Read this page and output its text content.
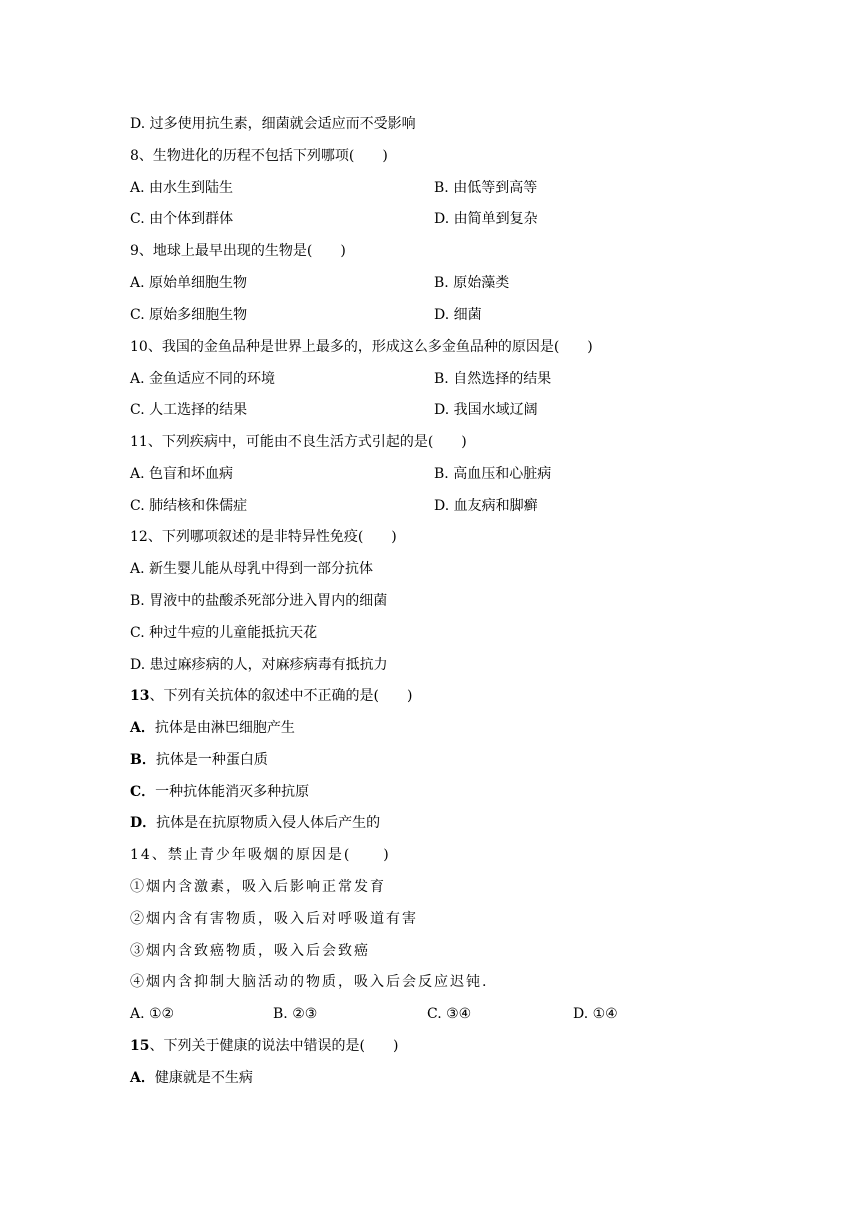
D. 过多使用抗生素，细菌就会适应而不受影响
8、生物进化的历程不包括下列哪项(　　)
A. 由水生到陆生	B. 由低等到高等
C. 由个体到群体	D. 由简单到复杂
9、地球上最早出现的生物是(　　)
A. 原始单细胞生物	B. 原始藻类
C. 原始多细胞生物	D. 细菌
10、我国的金鱼品种是世界上最多的，形成这么多金鱼品种的原因是(　　)
A. 金鱼适应不同的环境	B. 自然选择的结果
C. 人工选择的结果	D. 我国水域辽阔
11、下列疾病中，可能由不良生活方式引起的是(　　)
A. 色盲和坏血病	B. 高血压和心脏病
C. 肺结核和侏儒症	D. 血友病和脚癣
12、下列哪项叙述的是非特异性免疫(　　)
A. 新生婴儿能从母乳中得到一部分抗体
B. 胃液中的盐酸杀死部分进入胃内的细菌
C. 种过牛痘的儿童能抵抗天花
D. 患过麻疹病的人，对麻疹病毒有抵抗力
13、下列有关抗体的叙述中不正确的是(　　)
A．抗体是由淋巴细胞产生
B．抗体是一种蛋白质
C．一种抗体能消灭多种抗原
D．抗体是在抗原物质入侵人体后产生的
14、禁止青少年吸烟的原因是(　　)
①烟内含激素，吸入后影响正常发育
②烟内含有害物质，吸入后对呼吸道有害
③烟内含致癌物质，吸入后会致癌
④烟内含抑制大脑活动的物质，吸入后会反应迟钝.
A. ①②	B. ②③	C. ③④	D. ①④
15、下列关于健康的说法中错误的是(　　)
A．健康就是不生病
